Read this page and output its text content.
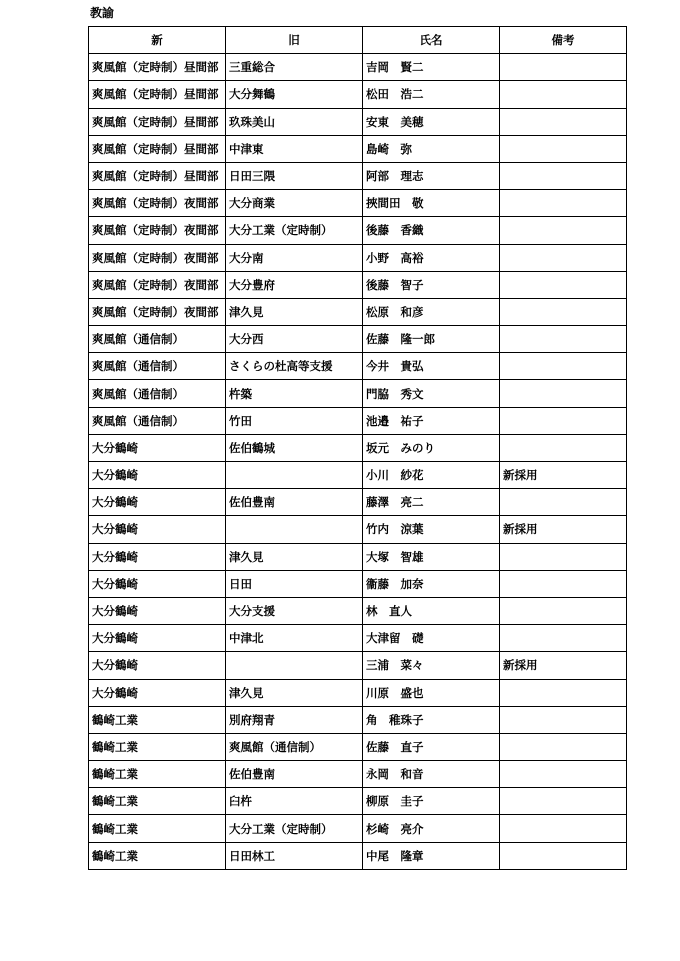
教諭
新	旧	氏名	備考
爽風館（定時制）昼間部	三重総合	吉岡　賢二	
爽風館（定時制）昼間部	大分舞鶴	松田　浩二	
爽風館（定時制）昼間部	玖珠美山	安東　美穂	
爽風館（定時制）昼間部	中津東	島崎　弥	
爽風館（定時制）昼間部	日田三隈	阿部　理志	
爽風館（定時制）夜間部	大分商業	挾間田　敬	
爽風館（定時制）夜間部	大分工業（定時制）	後藤　香織	
爽風館（定時制）夜間部	大分南	小野　高裕	
爽風館（定時制）夜間部	大分豊府	後藤　智子	
爽風館（定時制）夜間部	津久見	松原　和彦	
爽風館（通信制）	大分西	佐藤　隆一郎	
爽風館（通信制）	さくらの杜高等支援	今井　貴弘	
爽風館（通信制）	杵築	門脇　秀文	
爽風館（通信制）	竹田	池邉　祐子	
大分鶴崎	佐伯鶴城	坂元　みのり	
大分鶴崎		小川　紗花	新採用
大分鶴崎	佐伯豊南	藤澤　亮二	
大分鶴崎		竹内　涼葉	新採用
大分鶴崎	津久見	大塚　智雄	
大分鶴崎	日田	衞藤　加奈	
大分鶴崎	大分支援	林　直人	
大分鶴崎	中津北	大津留　礎	
大分鶴崎		三浦　菜々	新採用
大分鶴崎	津久見	川原　盛也	
鶴崎工業	別府翔青	角　稚珠子	
鶴崎工業	爽風館（通信制）	佐藤　直子	
鶴崎工業	佐伯豊南	永岡　和音	
鶴崎工業	臼杵	柳原　圭子	
鶴崎工業	大分工業（定時制）	杉崎　亮介	
鶴崎工業	日田林工	中尾　隆章	
